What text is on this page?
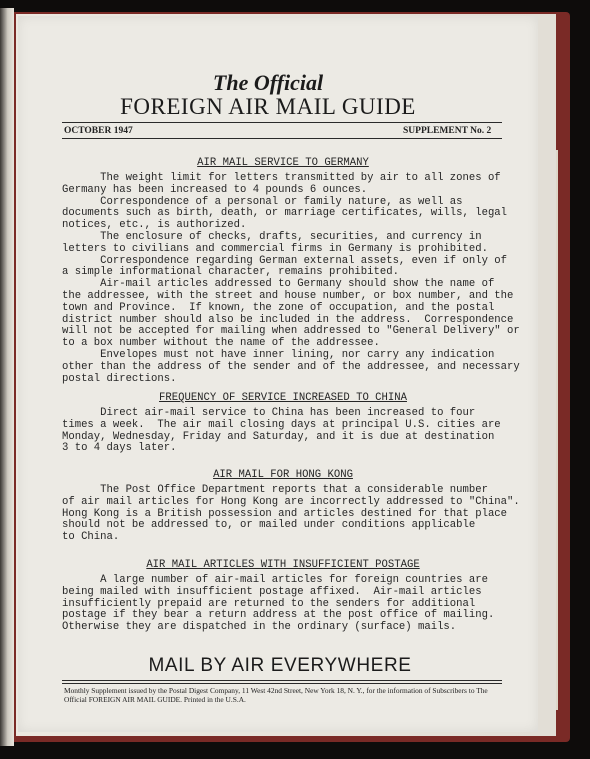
The Official
FOREIGN AIR MAIL GUIDE
OCTOBER 1947	SUPPLEMENT No. 2
AIR MAIL SERVICE TO GERMANY
The weight limit for letters transmitted by air to all zones of
Germany has been increased to 4 pounds 6 ounces.
Correspondence of a personal or family nature, as well as
documents such as birth, death, or marriage certificates, wills, legal
notices, etc., is authorized.
The enclosure of checks, drafts, securities, and currency in
letters to civilians and commercial firms in Germany is prohibited.
Correspondence regarding German external assets, even if only of
a simple informational character, remains prohibited.
Air-mail articles addressed to Germany should show the name of
the addressee, with the street and house number, or box number, and the
town and Province.  If known, the zone of occupation, and the postal
district number should also be included in the address.  Correspondence
will not be accepted for mailing when addressed to "General Delivery" or
to a box number without the name of the addressee.
Envelopes must not have inner lining, nor carry any indication
other than the address of the sender and of the addressee, and necessary
postal directions.
FREQUENCY OF SERVICE INCREASED TO CHINA
Direct air-mail service to China has been increased to four
times a week.  The air mail closing days at principal U.S. cities are
Monday, Wednesday, Friday and Saturday, and it is due at destination
3 to 4 days later.
AIR MAIL FOR HONG KONG
The Post Office Department reports that a considerable number
of air mail articles for Hong Kong are incorrectly addressed to "China".
Hong Kong is a British possession and articles destined for that place
should not be addressed to, or mailed under conditions applicable
to China.
AIR MAIL ARTICLES WITH INSUFFICIENT POSTAGE
A large number of air-mail articles for foreign countries are
being mailed with insufficient postage affixed.  Air-mail articles
insufficiently prepaid are returned to the senders for additional
postage if they bear a return address at the post office of mailing.
Otherwise they are dispatched in the ordinary (surface) mails.
MAIL BY AIR EVERYWHERE
Monthly Supplement issued by the Postal Digest Company, 11 West 42nd Street, New York 18, N. Y., for the information of Subscribers to The Official FOREIGN AIR MAIL GUIDE. Printed in the U.S.A.
